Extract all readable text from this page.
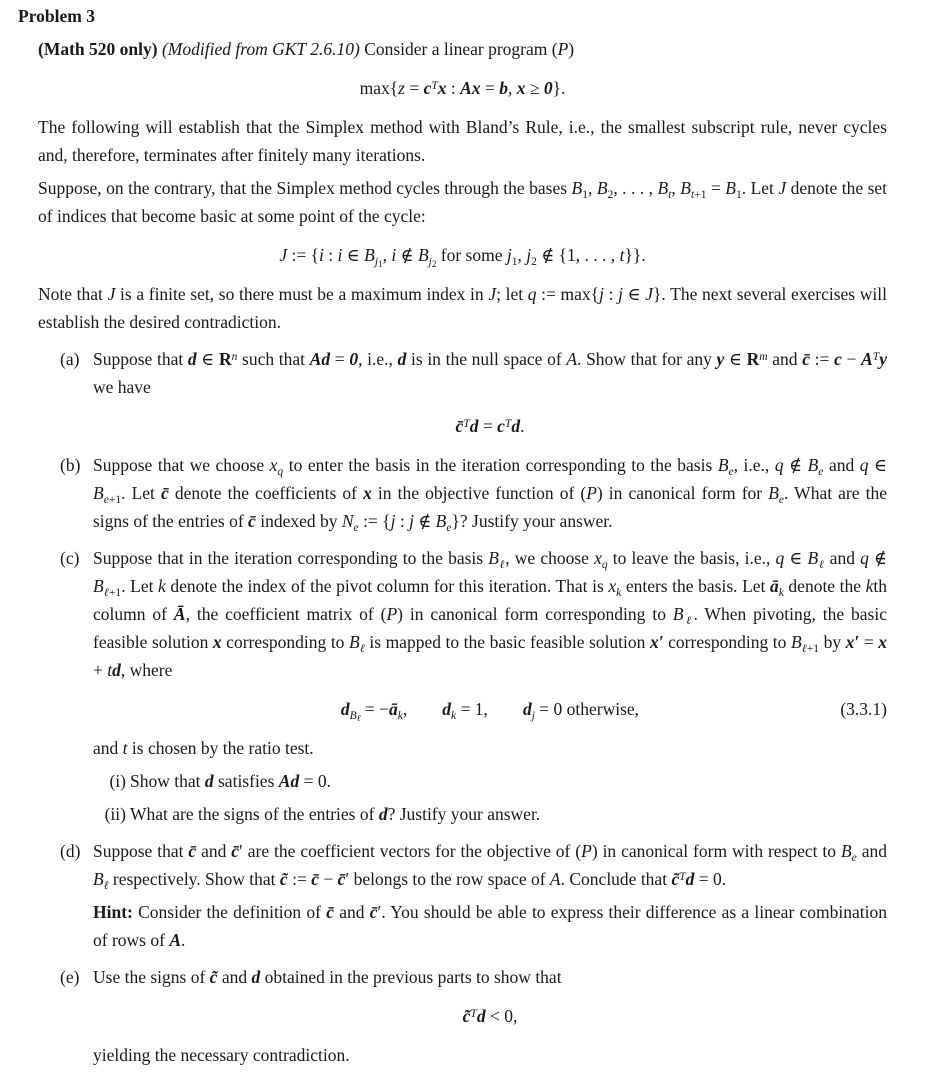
Problem 3
(Math 520 only) (Modified from GKT 2.6.10) Consider a linear program (P)
$\max\{z = c^Tx$ : Ax = b, x ≥ 0}.
The following will establish that the Simplex method with Bland’s Rule, i.e., the smallest subscript rule, never cycles and, therefore, terminates after finitely many iterations.
Suppose, on the contrary, that the Simplex method cycles through the bases $B_1$, $B_2$, . . . , $B_t$, $B_{t+1} = B_1$. Let J denote the set of indices that become basic at some point of the cycle:
J := {i : i ∈ $B_{j1}$, i ∉ $B_{j2}$ for some $j_1$, $j_2$ ∉ {1, . . . , t}}.
Note that J is a finite set, so there must be a maximum index in J; let q := max{j : j ∈ J}. The next several exercises will establish the desired contradiction.
(a) Suppose that d ∈ $R^n$ such that Ad = 0, i.e., d is in the null space of A. Show that for any y ∈ $R^m$ and c̄ := $c - A^Ty$ we have
c̄$^T$d = $c^Td$.
(b) Suppose that we choose $x_q$ to enter the basis in the iteration corresponding to the basis $B_e$, i.e., q ∉ $B_e$ and q ∈ $B_{e+1}$. Let c̄ denote the coefficients of x in the objective function of (P) in canonical form for $B_e$. What are the signs of the entries of c̄ indexed by $N_e$ := {j : j ∉ $B_e$}? Justify your answer.
(c) Suppose that in the iteration corresponding to the basis $B_\ell$, we choose $x_q$ to leave the basis, i.e., q ∈ $B_\ell$ and q ∉ $B_{\ell+1}$. Let k denote the index of the pivot column for this iteration. That is $x_k$ enters the basis. Let $ā_k$ denote the kth column of Ā, the coefficient matrix of (P) in canonical form corresponding to $B_\ell$. When pivoting, the basic feasible solution x corresponding to $B_\ell$ is mapped to the basic feasible solution x′ corresponding to $B_{\ell+1}$ by x′ = x + td, where
$d_{B\ell}$ = $-ā_k$,  $d_k = 1$,  $d_j = 0$ otherwise,	(3.3.1)
and t is chosen by the ratio test.
(i) Show that d satisfies Ad = 0.
(ii) What are the signs of the entries of d? Justify your answer.
(d) Suppose that c̄ and c̄′ are the coefficient vectors for the objective of (P) in canonical form with respect to $B_e$ and $B_\ell$ respectively. Show that c̃ := c̄ − c̄′ belongs to the row space of A. Conclude that c̃$^T$d = 0.
Hint: Consider the definition of c̄ and c̄′. You should be able to express their difference as a linear combination of rows of A.
(e) Use the signs of c̃ and d obtained in the previous parts to show that
c̃$^T$d < 0,
yielding the necessary contradiction.
